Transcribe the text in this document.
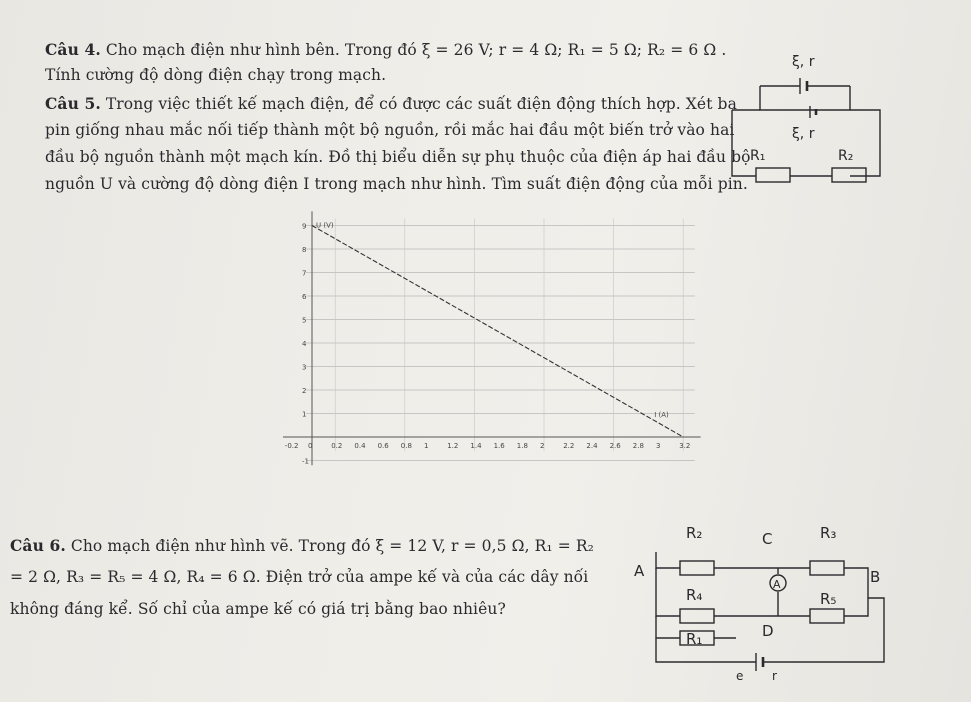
Câu 4. Cho mạch điện như hình bên. Trong đó ξ = 26 V; r = 4 Ω; R₁ = 5 Ω; R₂ = 6 Ω .
Tính cường độ dòng điện chạy trong mạch.
Câu 5. Trong việc thiết kế mạch điện, để có được các suất điện động thích hợp. Xét ba
pin giống nhau mắc nối tiếp thành một bộ nguồn, rồi mắc hai đầu một biến trở vào hai
đầu bộ nguồn thành một mạch kín. Đồ thị biểu diễn sự phụ thuộc của điện áp hai đầu bộ
nguồn U và cường độ dòng điện I trong mạch như hình. Tìm suất điện động của mỗi pin.
ξ, r
ξ, r
R₁	R₂
-0.2 0	0.2 0.4 0.6 0.8 1	1.2 1.4 1.6 1.8 2	2.2 2.4 2.6 2.8 3	3.2
-1
1
2
3
4
5
6
7
8
9 U (V)
I (A)
Câu 6. Cho mạch điện như hình vẽ. Trong đó ξ = 12 V, r = 0,5 Ω, R₁ = R₂
= 2 Ω, R₃ = R₅ = 4 Ω, R₄ = 6 Ω. Điện trở của ampe kế và của các dây nối
không đáng kể. Số chỉ của ampe kế có giá trị bằng bao nhiêu?
R₂	C	R₃
A
R₄
A	B
R₅
D
R₁
e r
